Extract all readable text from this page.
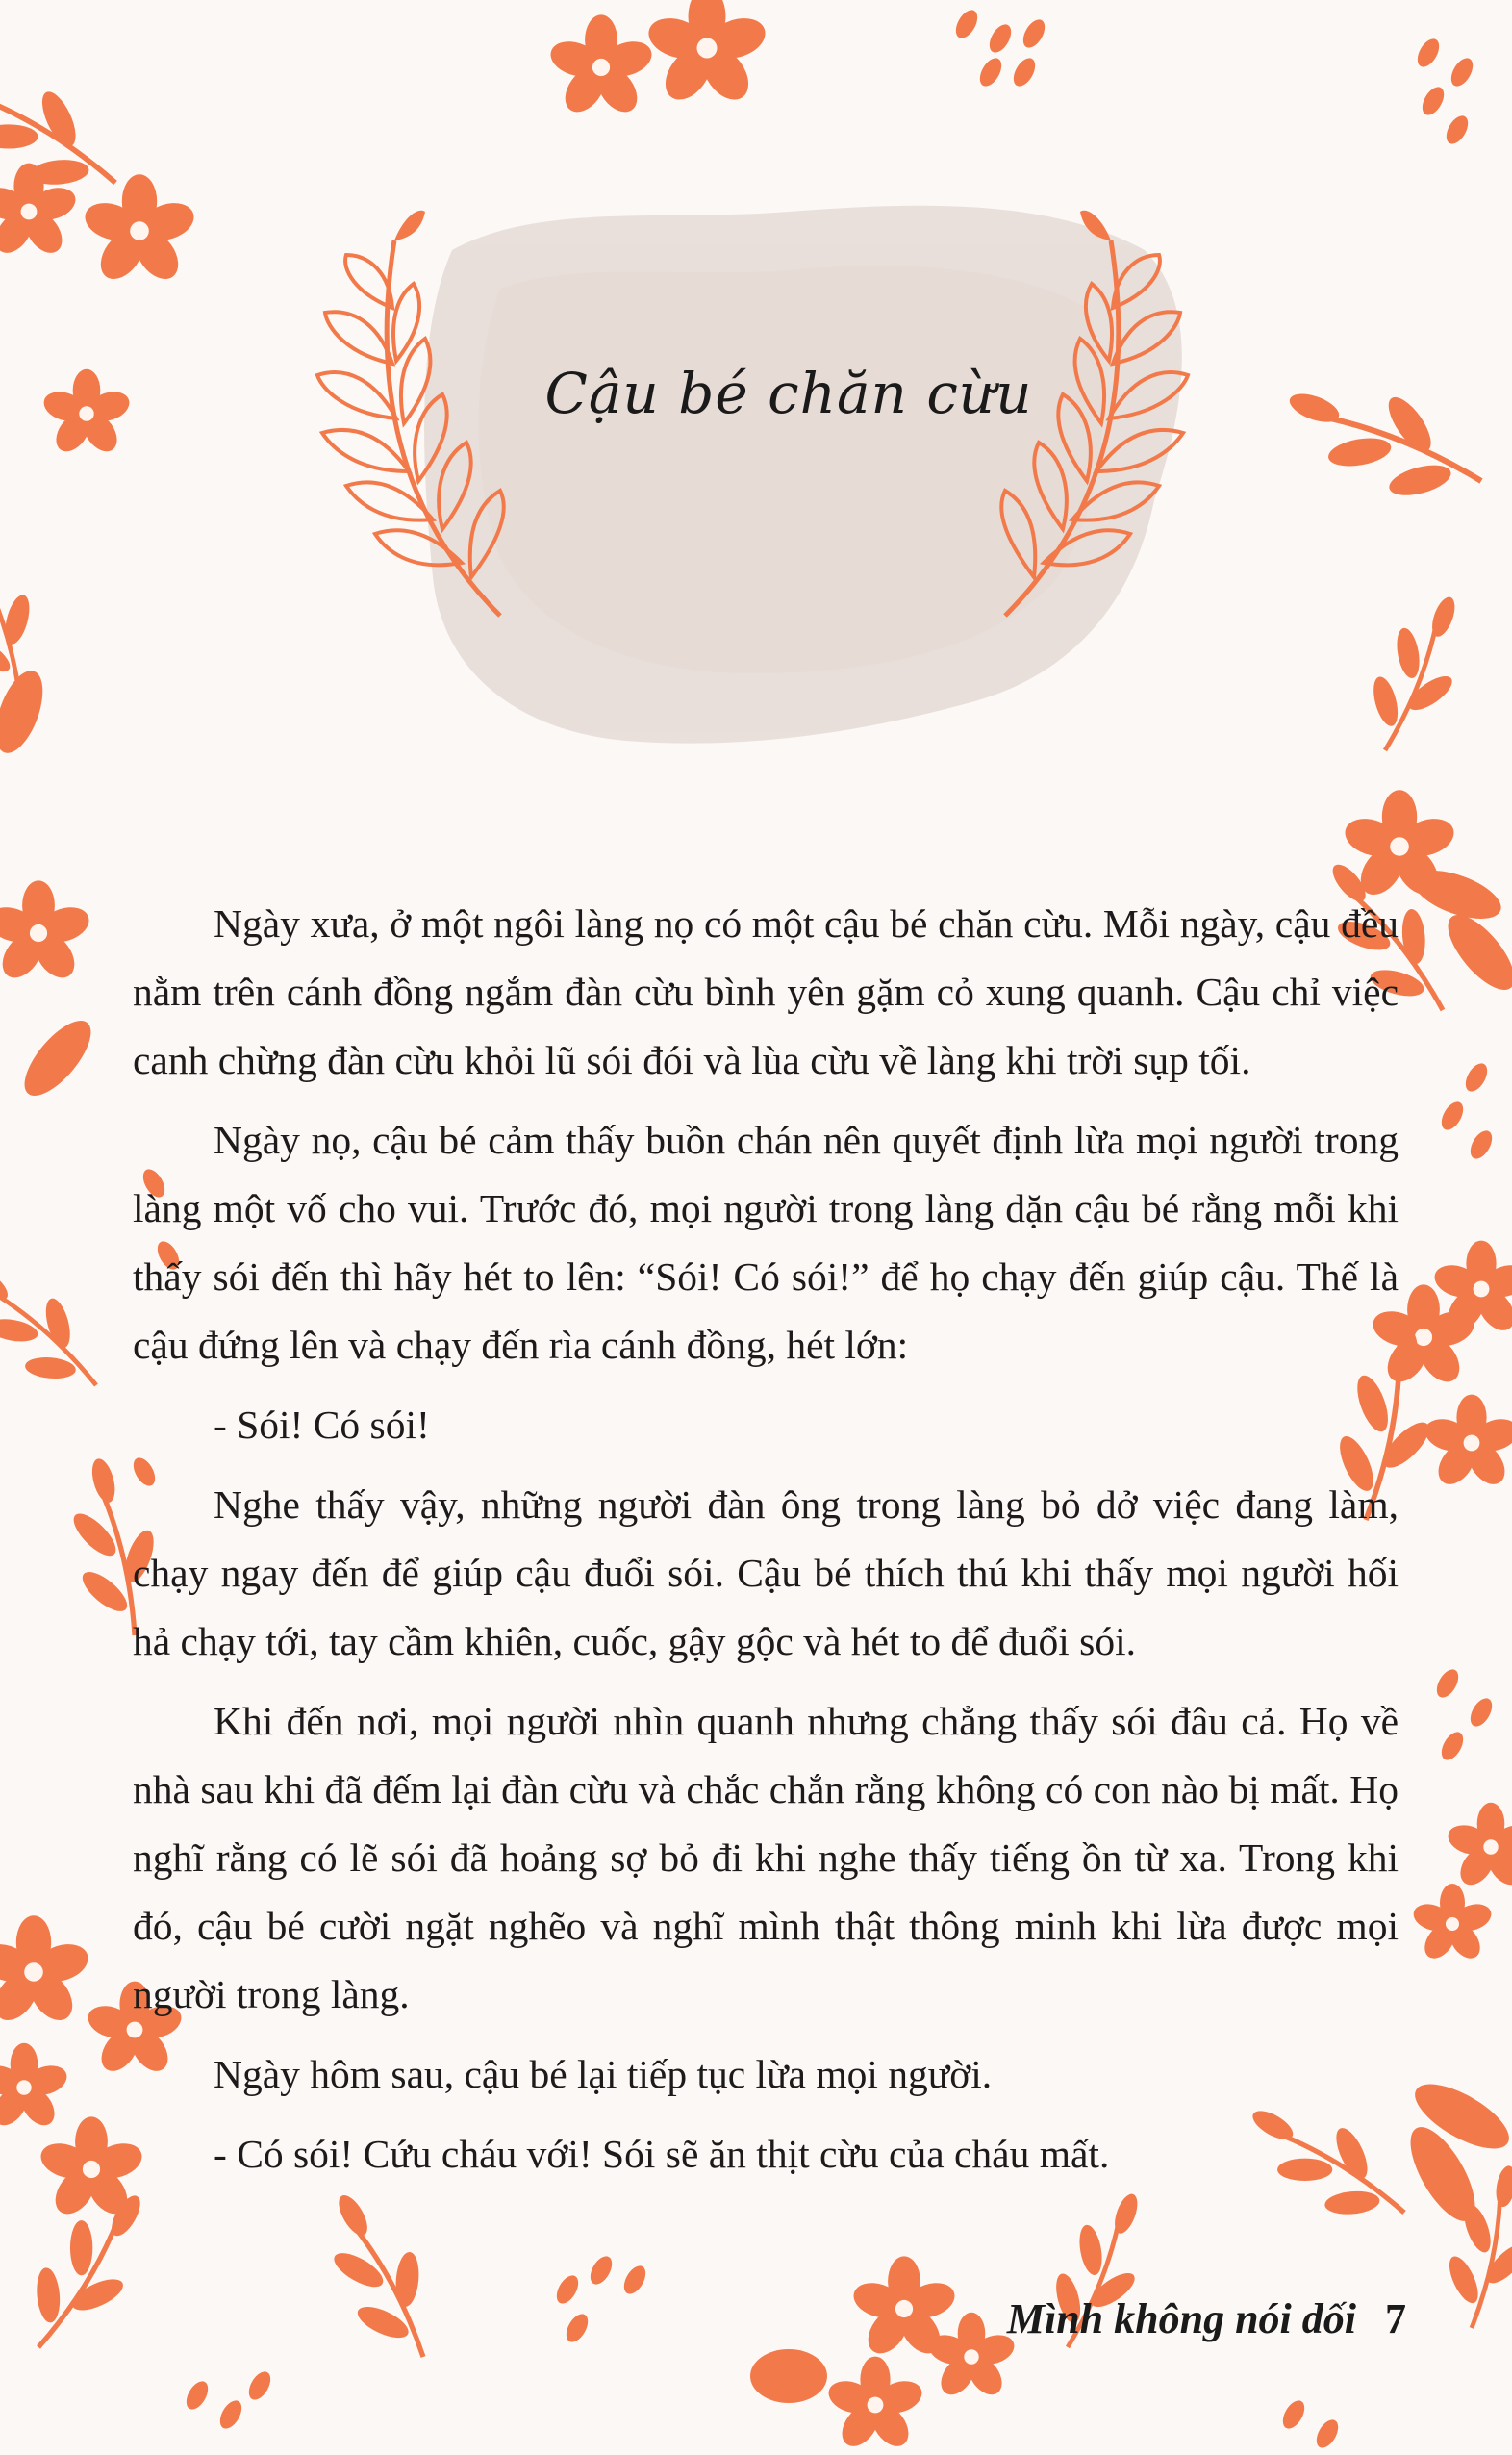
Cậu bé chăn cừu

Ngày xưa, ở một ngôi làng nọ có một cậu bé chăn cừu. Mỗi ngày, cậu đều nằm trên cánh đồng ngắm đàn cừu bình yên gặm cỏ xung quanh. Cậu chỉ việc canh chừng đàn cừu khỏi lũ sói đói và lùa cừu về làng khi trời sụp tối.

Ngày nọ, cậu bé cảm thấy buồn chán nên quyết định lừa mọi người trong làng một vố cho vui. Trước đó, mọi người trong làng dặn cậu bé rằng mỗi khi thấy sói đến thì hãy hét to lên: “Sói! Có sói!” để họ chạy đến giúp cậu. Thế là cậu đứng lên và chạy đến rìa cánh đồng, hét lớn:

- Sói! Có sói!

Nghe thấy vậy, những người đàn ông trong làng bỏ dở việc đang làm, chạy ngay đến để giúp cậu đuổi sói. Cậu bé thích thú khi thấy mọi người hối hả chạy tới, tay cầm khiên, cuốc, gậy gộc và hét to để đuổi sói.

Khi đến nơi, mọi người nhìn quanh nhưng chẳng thấy sói đâu cả. Họ về nhà sau khi đã đếm lại đàn cừu và chắc chắn rằng không có con nào bị mất. Họ nghĩ rằng có lẽ sói đã hoảng sợ bỏ đi khi nghe thấy tiếng ồn từ xa. Trong khi đó, cậu bé cười ngặt nghẽo và nghĩ mình thật thông minh khi lừa được mọi người trong làng.

Ngày hôm sau, cậu bé lại tiếp tục lừa mọi người.

- Có sói! Cứu cháu với! Sói sẽ ăn thịt cừu của cháu mất.

Mình không nói dối 7
